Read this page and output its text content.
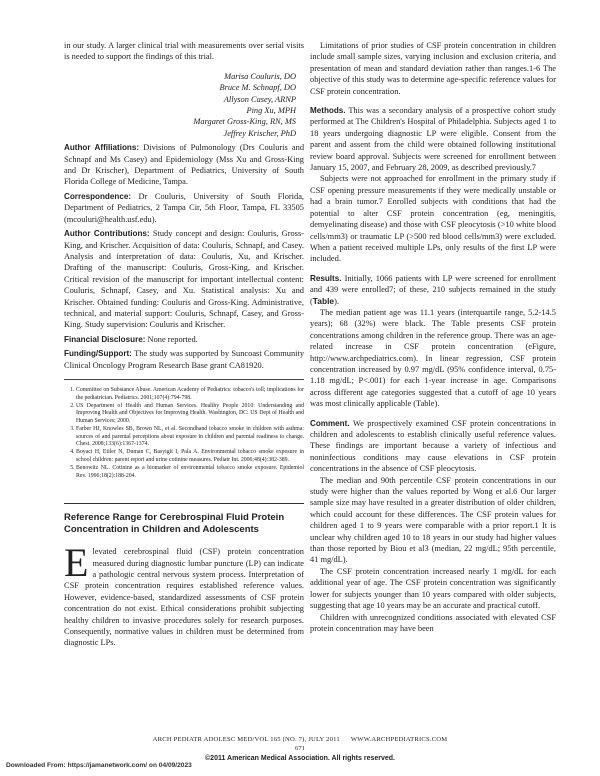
in our study. A larger clinical trial with measurements over serial visits is needed to support the findings of this trial.

Marisa Couluris, DO
Bruce M. Schnapf, DO
Allyson Casey, ARNP
Ping Xu, MPH
Margaret Gross-King, RN, MS
Jeffrey Krischer, PhD

Author Affiliations: Divisions of Pulmonology (Drs Couluris and Schnapf and Ms Casey) and Epidemiology (Mss Xu and Gross-King and Dr Krischer), Department of Pediatrics, University of South Florida College of Medicine, Tampa.

Correspondence: Dr Couluris, University of South Florida, Department of Pediatrics, 2 Tampa Cir, 5th Floor, Tampa, FL 33505 (mcouluri@health.usf.edu).

Author Contributions: Study concept and design: Couluris, Gross-King, and Krischer. Acquisition of data: Couluris, Schnapf, and Casey. Analysis and interpretation of data: Couluris, Xu, and Krischer. Drafting of the manuscript: Couluris, Gross-King, and Krischer. Critical revision of the manuscript for important intellectual content: Couluris, Schnapf, Casey, and Xu. Statistical analysis: Xu and Krischer. Obtained funding: Couluris and Gross-King. Administrative, technical, and material support: Couluris, Schnapf, Casey, and Gross-King. Study supervision: Couluris and Krischer.

Financial Disclosure: None reported.

Funding/Support: The study was supported by Suncoast Community Clinical Oncology Program Research Base grant CA81920.

1. Committee on Substance Abuse. American Academy of Pediatrics: tobacco's toll; implications for the pediatrician. Pediatrics. 2001;107(4):794-798.
2. US Department of Health and Human Services. Healthy People 2010: Understanding and Improving Health and Objectives for Improving Health. Washington, DC: US Dept of Health and Human Services; 2000.
3. Farber HJ, Knowles SB, Brown NL, et al. Secondhand tobacco smoke in children with asthma: sources of and parental perceptions about exposure in children and parental readiness to change. Chest. 2008;133(6):1367-1374.
4. Boyaci H, Etiler N, Duman C, Basyigit I, Pala A. Environmental tobacco smoke exposure in school children: parent report and urine cotinine measures. Pediatr Int. 2006;48(4):382-389.
5. Benowitz NL. Cotinine as a biomarker of environmental tobacco smoke exposure. Epidemiol Rev. 1996;18(2):188-204.
Reference Range for Cerebrospinal Fluid Protein Concentration in Children and Adolescents

Elevated cerebrospinal fluid (CSF) protein concentration measured during diagnostic lumbar puncture (LP) can indicate a pathologic central nervous system process. Interpretation of CSF protein concentration requires established reference values. However, evidence-based, standardized assessments of CSF protein concentration do not exist. Ethical considerations prohibit subjecting healthy children to invasive procedures solely for research purposes. Consequently, normative values in children must be determined from diagnostic LPs.

Limitations of prior studies of CSF protein concentration in children include small sample sizes, varying inclusion and exclusion criteria, and presentation of mean and standard deviation rather than ranges.1-6 The objective of this study was to determine age-specific reference values for CSF protein concentration.

Methods. This was a secondary analysis of a prospective cohort study performed at The Children's Hospital of Philadelphia. Subjects aged 1 to 18 years undergoing diagnostic LP were eligible. Consent from the parent and assent from the child were obtained following institutional review board approval. Subjects were screened for enrollment between January 15, 2007, and February 28, 2009, as described previously.7

Subjects were not approached for enrollment in the primary study if CSF opening pressure measurements if they were medically unstable or had a brain tumor.7 Enrolled subjects with conditions that had the potential to alter CSF protein concentration (eg, meningitis, demyelinating disease) and those with CSF pleocytosis (>10 white blood cells/mm3) or traumatic LP (>500 red blood cells/mm3) were excluded. When a patient received multiple LPs, only results of the first LP were included.

Results. Initially, 1066 patients with LP were screened for enrollment and 439 were enrolled7; of these, 210 subjects remained in the study (Table).

The median patient age was 11.1 years (interquartile range, 5.2-14.5 years); 68 (32%) were black. The Table presents CSF protein concentrations among children in the reference group. There was an age-related increase in CSF protein concentration (eFigure, http://www.archpediatrics.com). In linear regression, CSF protein concentration increased by 0.97 mg/dL (95% confidence interval, 0.75-1.18 mg/dL; P<.001) for each 1-year increase in age. Comparisons across different age categories suggested that a cutoff of age 10 years was most clinically applicable (Table).

Comment. We prospectively examined CSF protein concentrations in children and adolescents to establish clinically useful reference values. These findings are important because a variety of infectious and noninfectious conditions may cause elevations in CSF protein concentrations in the absence of CSF pleocytosis.

The median and 90th percentile CSF protein concentrations in our study were higher than the values reported by Wong et al.6 Our larger sample size may have resulted in a greater distribution of older children, which could account for these differences. The CSF protein values for children aged 1 to 9 years were comparable with a prior report.1 It is unclear why children aged 10 to 18 years in our study had higher values than those reported by Biou et al3 (median, 22 mg/dL; 95th percentile, 41 mg/dL).

The CSF protein concentration increased nearly 1 mg/dL for each additional year of age. The CSF protein concentration was significantly lower for subjects younger than 10 years compared with older subjects, suggesting that age 10 years may be an accurate and practical cutoff.

Children with unrecognized conditions associated with elevated CSF protein concentration may have been

ARCH PEDIATR ADOLESC MED/VOL 165 (NO. 7), JULY 2011 WWW.ARCHPEDIATRICS.COM
671
©2011 American Medical Association. All rights reserved.
Downloaded From: https://jamanetwork.com/ on 04/09/2023
